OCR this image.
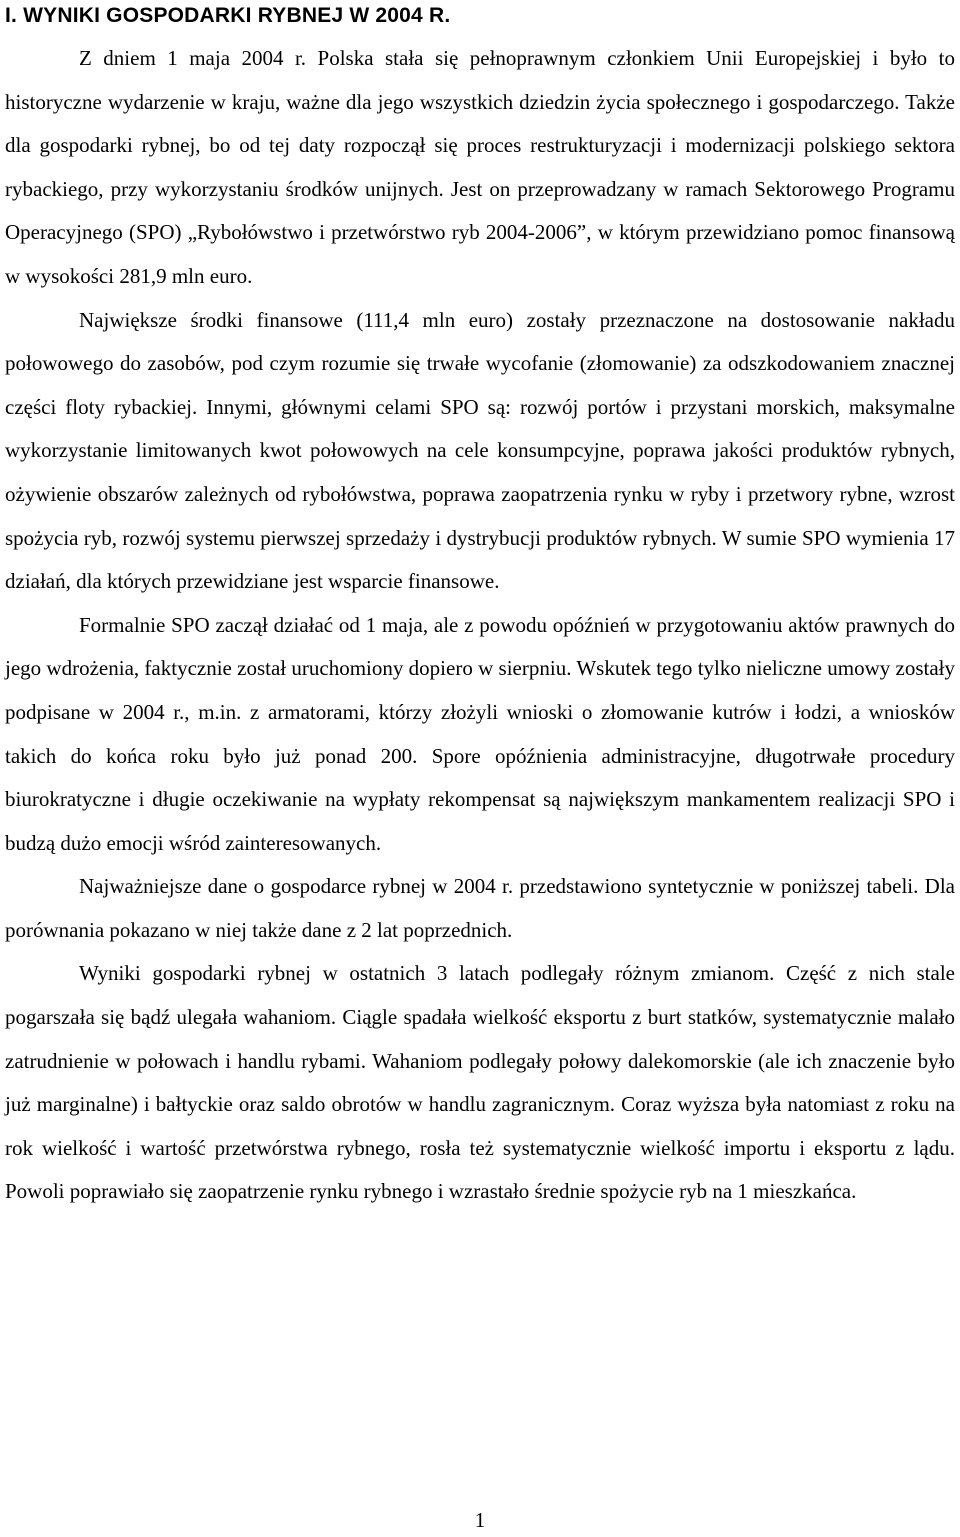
I. WYNIKI GOSPODARKI RYBNEJ W 2004 R.

Z dniem 1 maja 2004 r. Polska stała się pełnoprawnym członkiem Unii Europejskiej i było to historyczne wydarzenie w kraju, ważne dla jego wszystkich dziedzin życia społecznego i gospodarczego. Także dla gospodarki rybnej, bo od tej daty rozpoczął się proces restrukturyzacji i modernizacji polskiego sektora rybackiego, przy wykorzystaniu środków unijnych. Jest on przeprowadzany w ramach Sektorowego Programu Operacyjnego (SPO) „Rybołówstwo i przetwórstwo ryb 2004-2006”, w którym przewidziano pomoc finansową w wysokości 281,9 mln euro.

Największe środki finansowe (111,4 mln euro) zostały przeznaczone na dostosowanie nakładu połowowego do zasobów, pod czym rozumie się trwałe wycofanie (złomowanie) za odszkodowaniem znacznej części floty rybackiej. Innymi, głównymi celami SPO są: rozwój portów i przystani morskich, maksymalne wykorzystanie limitowanych kwot połowowych na cele konsumpcyjne, poprawa jakości produktów rybnych, ożywienie obszarów zależnych od rybołówstwa, poprawa zaopatrzenia rynku w ryby i przetwory rybne, wzrost spożycia ryb, rozwój systemu pierwszej sprzedaży i dystrybucji produktów rybnych. W sumie SPO wymienia 17 działań, dla których przewidziane jest wsparcie finansowe.

Formalnie SPO zaczął działać od 1 maja, ale z powodu opóźnień w przygotowaniu aktów prawnych do jego wdrożenia, faktycznie został uruchomiony dopiero w sierpniu. Wskutek tego tylko nieliczne umowy zostały podpisane w 2004 r., m.in. z armatorami, którzy złożyli wnioski o złomowanie kutrów i łodzi, a wniosków takich do końca roku było już ponad 200. Spore opóźnienia administracyjne, długotrwałe procedury biurokratyczne i długie oczekiwanie na wypłaty rekompensat są największym mankamentem realizacji SPO i budzą dużo emocji wśród zainteresowanych.

Najważniejsze dane o gospodarce rybnej w 2004 r. przedstawiono syntetycznie w poniższej tabeli. Dla porównania pokazano w niej także dane z 2 lat poprzednich.

Wyniki gospodarki rybnej w ostatnich 3 latach podlegały różnym zmianom. Część z nich stale pogarszała się bądź ulegała wahaniom. Ciągle spadała wielkość eksportu z burt statków, systematycznie malało zatrudnienie w połowach i handlu rybami. Wahaniom podlegały połowy dalekomorskie (ale ich znaczenie było już marginalne) i bałtyckie oraz saldo obrotów w handlu zagranicznym. Coraz wyższa była natomiast z roku na rok wielkość i wartość przetwórstwa rybnego, rosła też systematycznie wielkość importu i eksportu z lądu. Powoli poprawiało się zaopatrzenie rynku rybnego i wzrastało średnie spożycie ryb na 1 mieszkańca.

1
